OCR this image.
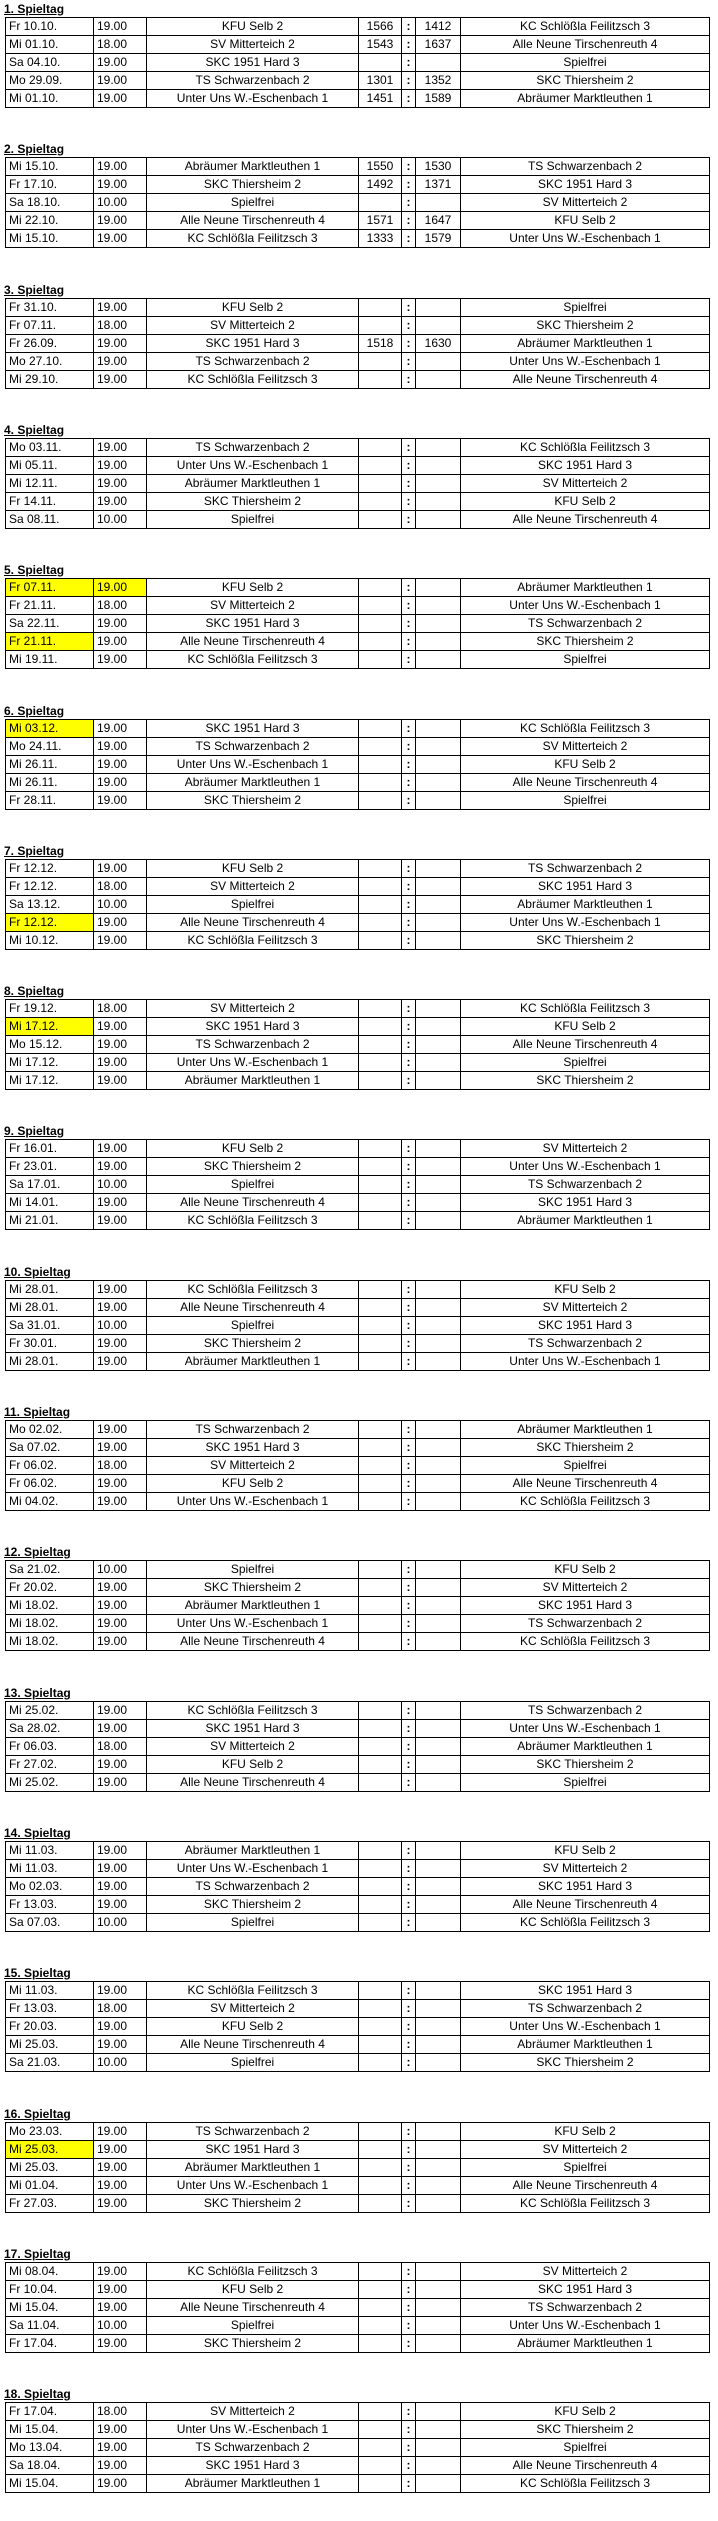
1. Spieltag
Fr 10.10.	19.00	KFU Selb 2	1566	:	1412	KC Schlößla Feilitzsch 3
Mi 01.10.	18.00	SV Mitterteich 2	1543	:	1637	Alle Neune Tirschenreuth 4
Sa 04.10.	19.00	SKC 1951 Hard 3		:		Spielfrei
Mo 29.09.	19.00	TS Schwarzenbach 2	1301	:	1352	SKC Thiersheim 2
Mi 01.10.	19.00	Unter Uns W.-Eschenbach 1	1451	:	1589	Abräumer Marktleuthen 1
2. Spieltag
Mi 15.10.	19.00	Abräumer Marktleuthen 1	1550	:	1530	TS Schwarzenbach 2
Fr 17.10.	19.00	SKC Thiersheim 2	1492	:	1371	SKC 1951 Hard 3
Sa 18.10.	10.00	Spielfrei		:		SV Mitterteich 2
Mi 22.10.	19.00	Alle Neune Tirschenreuth 4	1571	:	1647	KFU Selb 2
Mi 15.10.	19.00	KC Schlößla Feilitzsch 3	1333	:	1579	Unter Uns W.-Eschenbach 1
3. Spieltag
Fr 31.10.	19.00	KFU Selb 2		:		Spielfrei
Fr 07.11.	18.00	SV Mitterteich 2		:		SKC Thiersheim 2
Fr 26.09.	19.00	SKC 1951 Hard 3	1518	:	1630	Abräumer Marktleuthen 1
Mo 27.10.	19.00	TS Schwarzenbach 2		:		Unter Uns W.-Eschenbach 1
Mi 29.10.	19.00	KC Schlößla Feilitzsch 3		:		Alle Neune Tirschenreuth 4
4. Spieltag
Mo 03.11.	19.00	TS Schwarzenbach 2		:		KC Schlößla Feilitzsch 3
Mi 05.11.	19.00	Unter Uns W.-Eschenbach 1		:		SKC 1951 Hard 3
Mi 12.11.	19.00	Abräumer Marktleuthen 1		:		SV Mitterteich 2
Fr 14.11.	19.00	SKC Thiersheim 2		:		KFU Selb 2
Sa 08.11.	10.00	Spielfrei		:		Alle Neune Tirschenreuth 4
5. Spieltag
Fr 07.11.	19.00	KFU Selb 2		:		Abräumer Marktleuthen 1
Fr 21.11.	18.00	SV Mitterteich 2		:		Unter Uns W.-Eschenbach 1
Sa 22.11.	19.00	SKC 1951 Hard 3		:		TS Schwarzenbach 2
Fr 21.11.	19.00	Alle Neune Tirschenreuth 4		:		SKC Thiersheim 2
Mi 19.11.	19.00	KC Schlößla Feilitzsch 3		:		Spielfrei
6. Spieltag
Mi 03.12.	19.00	SKC 1951 Hard 3		:		KC Schlößla Feilitzsch 3
Mo 24.11.	19.00	TS Schwarzenbach 2		:		SV Mitterteich 2
Mi 26.11.	19.00	Unter Uns W.-Eschenbach 1		:		KFU Selb 2
Mi 26.11.	19.00	Abräumer Marktleuthen 1		:		Alle Neune Tirschenreuth 4
Fr 28.11.	19.00	SKC Thiersheim 2		:		Spielfrei
7. Spieltag
Fr 12.12.	19.00	KFU Selb 2		:		TS Schwarzenbach 2
Fr 12.12.	18.00	SV Mitterteich 2		:		SKC 1951 Hard 3
Sa 13.12.	10.00	Spielfrei		:		Abräumer Marktleuthen 1
Fr 12.12.	19.00	Alle Neune Tirschenreuth 4		:		Unter Uns W.-Eschenbach 1
Mi 10.12.	19.00	KC Schlößla Feilitzsch 3		:		SKC Thiersheim 2
8. Spieltag
Fr 19.12.	18.00	SV Mitterteich 2		:		KC Schlößla Feilitzsch 3
Mi 17.12.	19.00	SKC 1951 Hard 3		:		KFU Selb 2
Mo 15.12.	19.00	TS Schwarzenbach 2		:		Alle Neune Tirschenreuth 4
Mi 17.12.	19.00	Unter Uns W.-Eschenbach 1		:		Spielfrei
Mi 17.12.	19.00	Abräumer Marktleuthen 1		:		SKC Thiersheim 2
9. Spieltag
Fr 16.01.	19.00	KFU Selb 2		:		SV Mitterteich 2
Fr 23.01.	19.00	SKC Thiersheim 2		:		Unter Uns W.-Eschenbach 1
Sa 17.01.	10.00	Spielfrei		:		TS Schwarzenbach 2
Mi 14.01.	19.00	Alle Neune Tirschenreuth 4		:		SKC 1951 Hard 3
Mi 21.01.	19.00	KC Schlößla Feilitzsch 3		:		Abräumer Marktleuthen 1
10. Spieltag
Mi 28.01.	19.00	KC Schlößla Feilitzsch 3		:		KFU Selb 2
Mi 28.01.	19.00	Alle Neune Tirschenreuth 4		:		SV Mitterteich 2
Sa 31.01.	10.00	Spielfrei		:		SKC 1951 Hard 3
Fr 30.01.	19.00	SKC Thiersheim 2		:		TS Schwarzenbach 2
Mi 28.01.	19.00	Abräumer Marktleuthen 1		:		Unter Uns W.-Eschenbach 1
11. Spieltag
Mo 02.02.	19.00	TS Schwarzenbach 2		:		Abräumer Marktleuthen 1
Sa 07.02.	19.00	SKC 1951 Hard 3		:		SKC Thiersheim 2
Fr 06.02.	18.00	SV Mitterteich 2		:		Spielfrei
Fr 06.02.	19.00	KFU Selb 2		:		Alle Neune Tirschenreuth 4
Mi 04.02.	19.00	Unter Uns W.-Eschenbach 1		:		KC Schlößla Feilitzsch 3
12. Spieltag
Sa 21.02.	10.00	Spielfrei		:		KFU Selb 2
Fr 20.02.	19.00	SKC Thiersheim 2		:		SV Mitterteich 2
Mi 18.02.	19.00	Abräumer Marktleuthen 1		:		SKC 1951 Hard 3
Mi 18.02.	19.00	Unter Uns W.-Eschenbach 1		:		TS Schwarzenbach 2
Mi 18.02.	19.00	Alle Neune Tirschenreuth 4		:		KC Schlößla Feilitzsch 3
13. Spieltag
Mi 25.02.	19.00	KC Schlößla Feilitzsch 3		:		TS Schwarzenbach 2
Sa 28.02.	19.00	SKC 1951 Hard 3		:		Unter Uns W.-Eschenbach 1
Fr 06.03.	18.00	SV Mitterteich 2		:		Abräumer Marktleuthen 1
Fr 27.02.	19.00	KFU Selb 2		:		SKC Thiersheim 2
Mi 25.02.	19.00	Alle Neune Tirschenreuth 4		:		Spielfrei
14. Spieltag
Mi 11.03.	19.00	Abräumer Marktleuthen 1		:		KFU Selb 2
Mi 11.03.	19.00	Unter Uns W.-Eschenbach 1		:		SV Mitterteich 2
Mo 02.03.	19.00	TS Schwarzenbach 2		:		SKC 1951 Hard 3
Fr 13.03.	19.00	SKC Thiersheim 2		:		Alle Neune Tirschenreuth 4
Sa 07.03.	10.00	Spielfrei		:		KC Schlößla Feilitzsch 3
15. Spieltag
Mi 11.03.	19.00	KC Schlößla Feilitzsch 3		:		SKC 1951 Hard 3
Fr 13.03.	18.00	SV Mitterteich 2		:		TS Schwarzenbach 2
Fr 20.03.	19.00	KFU Selb 2		:		Unter Uns W.-Eschenbach 1
Mi 25.03.	19.00	Alle Neune Tirschenreuth 4		:		Abräumer Marktleuthen 1
Sa 21.03.	10.00	Spielfrei		:		SKC Thiersheim 2
16. Spieltag
Mo 23.03.	19.00	TS Schwarzenbach 2		:		KFU Selb 2
Mi 25.03.	19.00	SKC 1951 Hard 3		:		SV Mitterteich 2
Mi 25.03.	19.00	Abräumer Marktleuthen 1		:		Spielfrei
Mi 01.04.	19.00	Unter Uns W.-Eschenbach 1		:		Alle Neune Tirschenreuth 4
Fr 27.03.	19.00	SKC Thiersheim 2		:		KC Schlößla Feilitzsch 3
17. Spieltag
Mi 08.04.	19.00	KC Schlößla Feilitzsch 3		:		SV Mitterteich 2
Fr 10.04.	19.00	KFU Selb 2		:		SKC 1951 Hard 3
Mi 15.04.	19.00	Alle Neune Tirschenreuth 4		:		TS Schwarzenbach 2
Sa 11.04.	10.00	Spielfrei		:		Unter Uns W.-Eschenbach 1
Fr 17.04.	19.00	SKC Thiersheim 2		:		Abräumer Marktleuthen 1
18. Spieltag
Fr 17.04.	18.00	SV Mitterteich 2		:		KFU Selb 2
Mi 15.04.	19.00	Unter Uns W.-Eschenbach 1		:		SKC Thiersheim 2
Mo 13.04.	19.00	TS Schwarzenbach 2		:		Spielfrei
Sa 18.04.	19.00	SKC 1951 Hard 3		:		Alle Neune Tirschenreuth 4
Mi 15.04.	19.00	Abräumer Marktleuthen 1		:		KC Schlößla Feilitzsch 3
